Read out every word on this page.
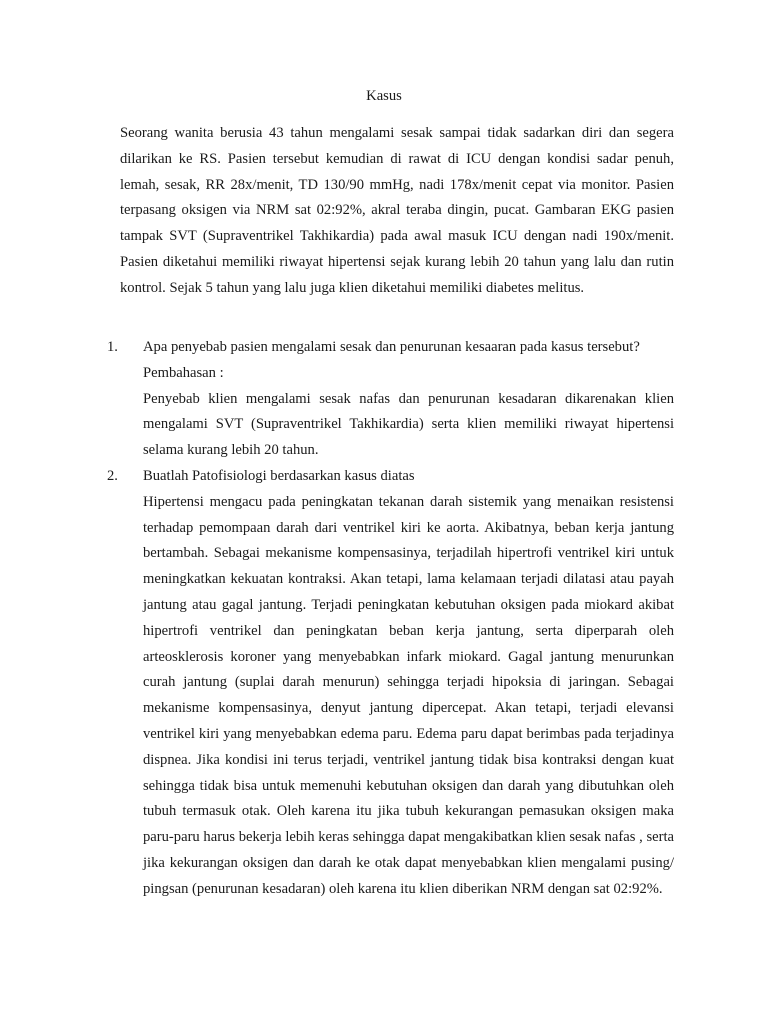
Kasus

Seorang wanita berusia 43 tahun mengalami sesak sampai tidak sadarkan diri dan segera dilarikan ke RS. Pasien tersebut kemudian di rawat di ICU dengan kondisi sadar penuh, lemah, sesak, RR 28x/menit, TD 130/90 mmHg, nadi 178x/menit cepat via monitor. Pasien terpasang oksigen via NRM sat 02:92%, akral teraba dingin, pucat. Gambaran EKG pasien tampak SVT (Supraventrikel Takhikardia) pada awal masuk ICU dengan nadi 190x/menit. Pasien diketahui memiliki riwayat hipertensi sejak kurang lebih 20 tahun yang lalu dan rutin kontrol. Sejak 5 tahun yang lalu juga klien diketahui memiliki diabetes melitus.

1. Apa penyebab pasien mengalami sesak dan penurunan kesaaran pada kasus tersebut?
Pembahasan :
Penyebab klien mengalami sesak nafas dan penurunan kesadaran dikarenakan klien mengalami SVT (Supraventrikel Takhikardia) serta klien memiliki riwayat hipertensi selama kurang lebih 20 tahun.
2. Buatlah Patofisiologi berdasarkan kasus diatas
Hipertensi mengacu pada peningkatan tekanan darah sistemik yang menaikan resistensi terhadap pemompaan darah dari ventrikel kiri ke aorta. Akibatnya, beban kerja jantung bertambah. Sebagai mekanisme kompensasinya, terjadilah hipertrofi ventrikel kiri untuk meningkatkan kekuatan kontraksi. Akan tetapi, lama kelamaan terjadi dilatasi atau payah jantung atau gagal jantung. Terjadi peningkatan kebutuhan oksigen pada miokard akibat hipertrofi ventrikel dan peningkatan beban kerja jantung, serta diperparah oleh arteosklerosis koroner yang menyebabkan infark miokard. Gagal jantung menurunkan curah jantung (suplai darah menurun) sehingga terjadi hipoksia di jaringan. Sebagai mekanisme kompensasinya, denyut jantung dipercepat. Akan tetapi, terjadi elevansi ventrikel kiri yang menyebabkan edema paru. Edema paru dapat berimbas pada terjadinya dispnea. Jika kondisi ini terus terjadi, ventrikel jantung tidak bisa kontraksi dengan kuat sehingga tidak bisa untuk memenuhi kebutuhan oksigen dan darah yang dibutuhkan oleh tubuh termasuk otak. Oleh karena itu jika tubuh kekurangan pemasukan oksigen maka paru-paru harus bekerja lebih keras sehingga dapat mengakibatkan klien sesak nafas , serta jika kekurangan oksigen dan darah ke otak dapat menyebabkan klien mengalami pusing/ pingsan (penurunan kesadaran) oleh karena itu klien diberikan NRM dengan sat 02:92%.
